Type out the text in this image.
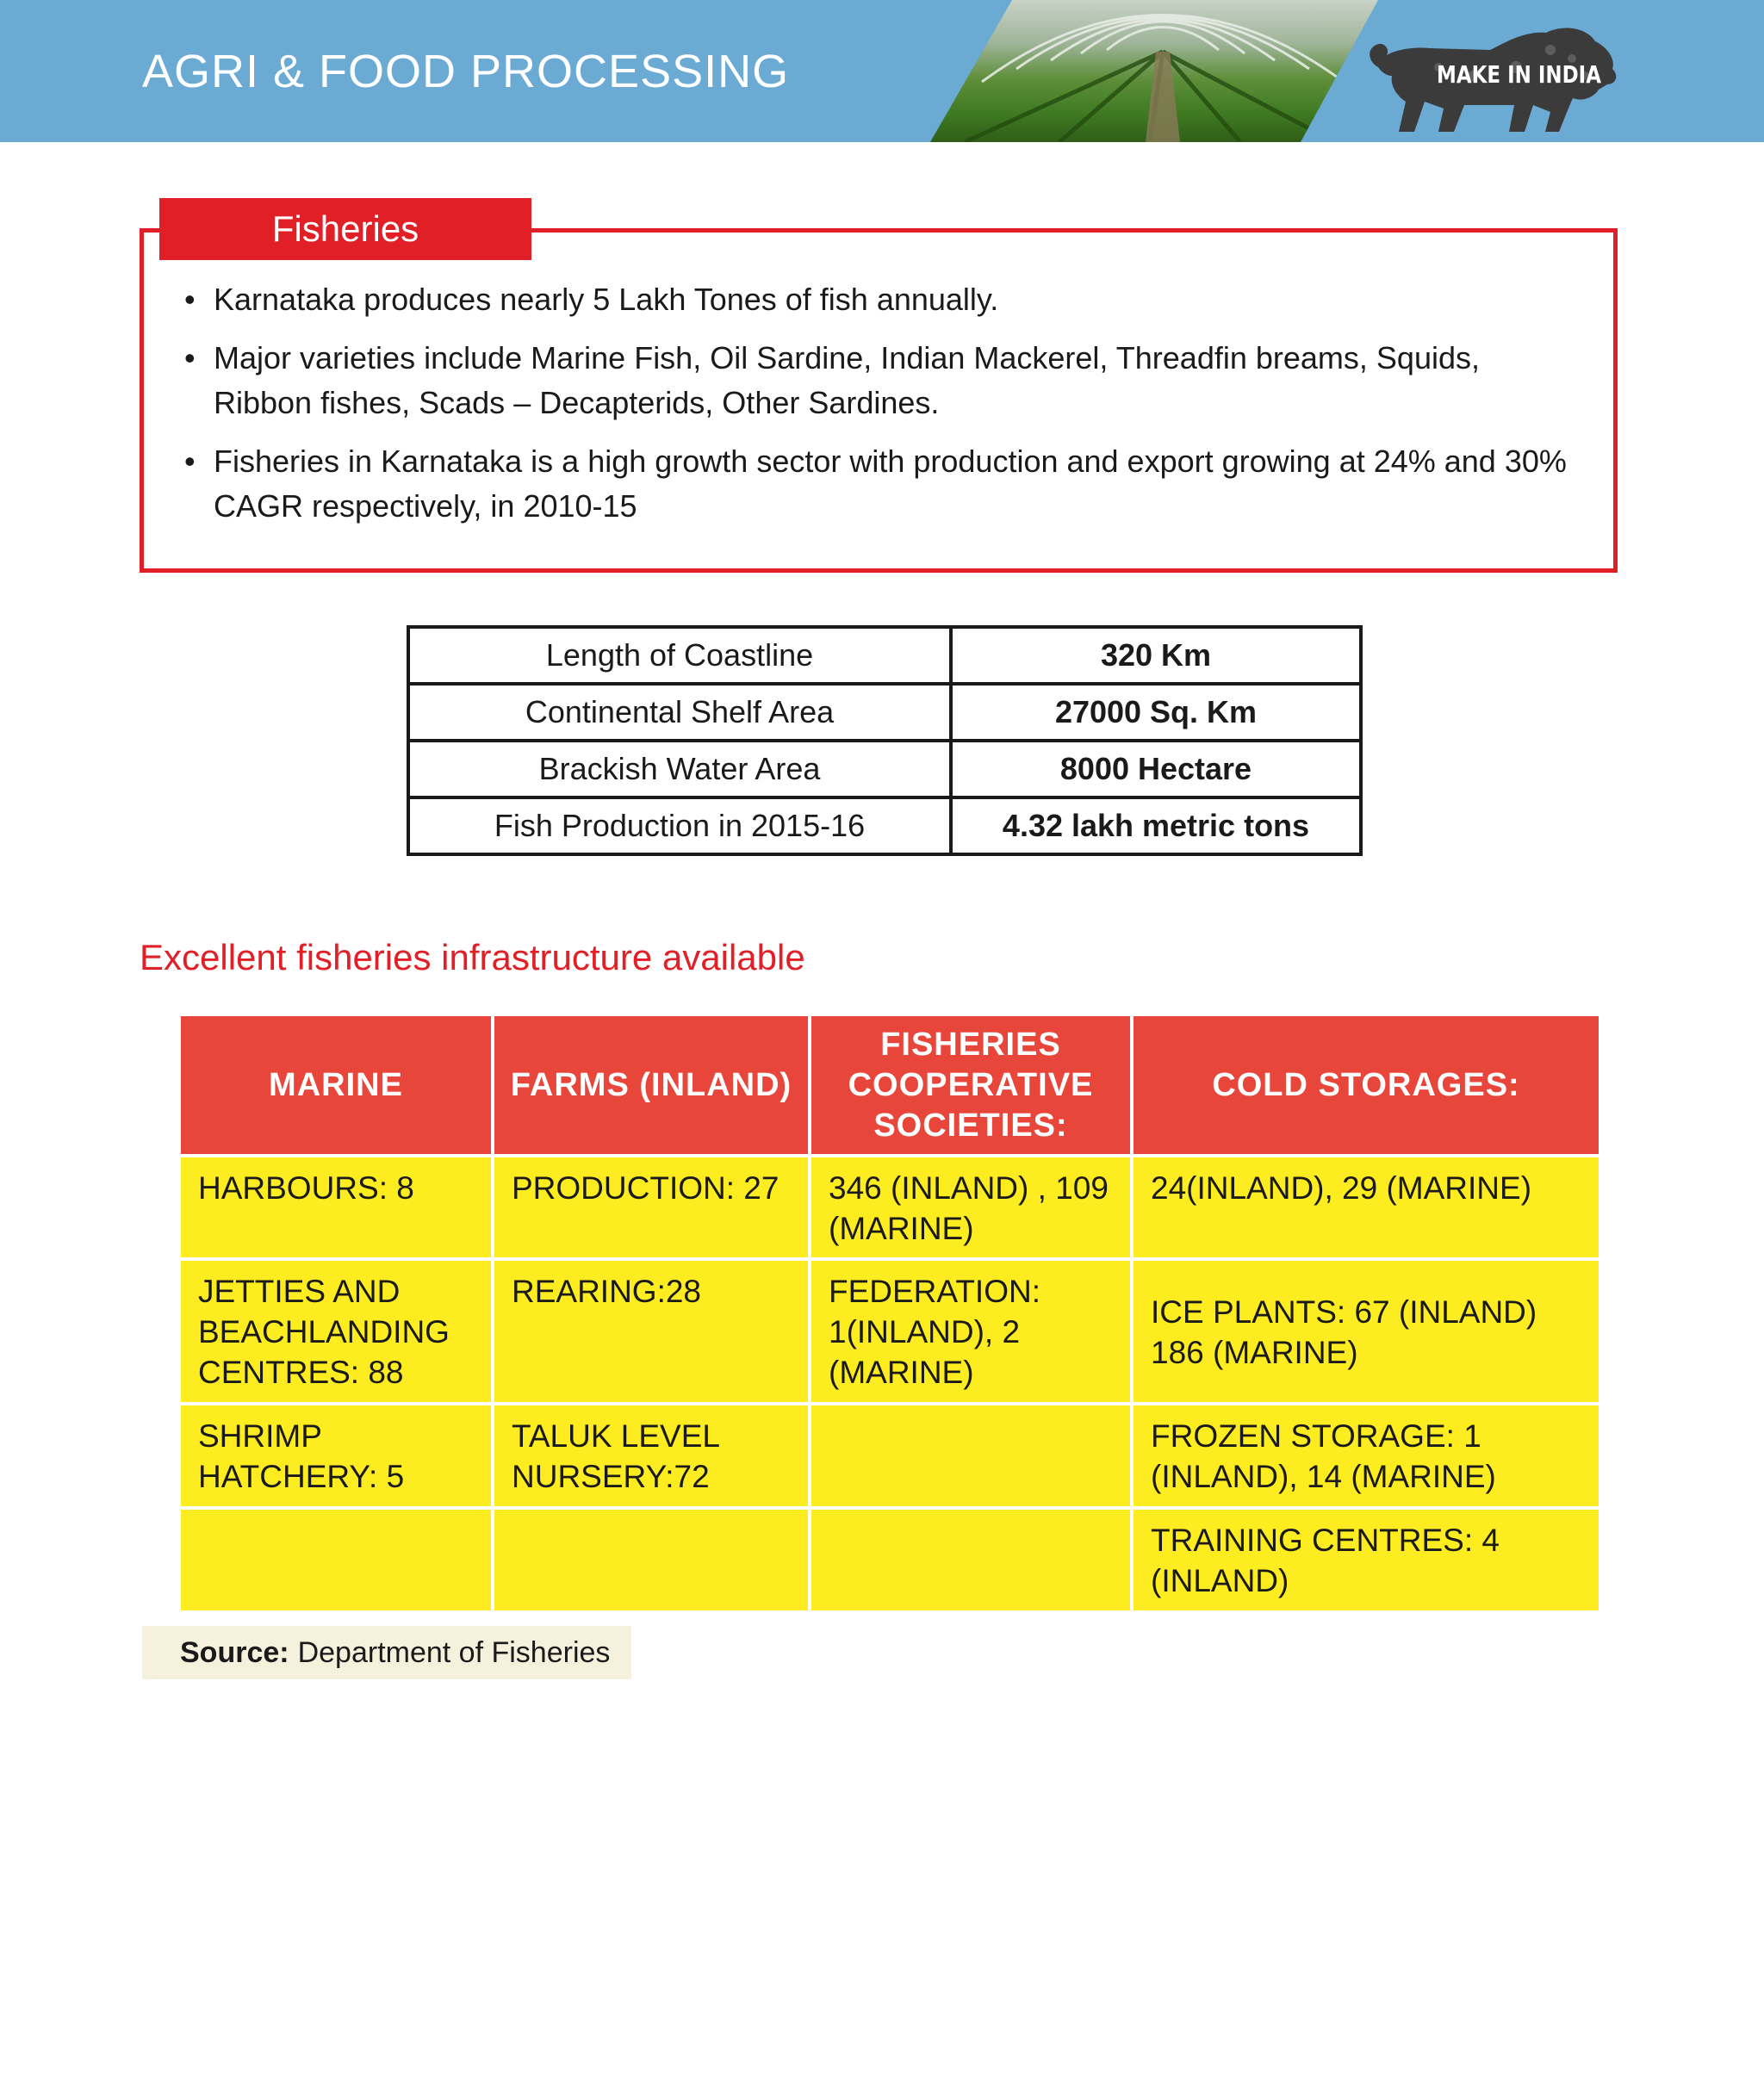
AGRI & FOOD PROCESSING	MAKE IN INDIA
Fisheries
• Karnataka produces nearly 5 Lakh Tones of fish annually.
• Major varieties include Marine Fish, Oil Sardine, Indian Mackerel, Threadfin breams, Squids, Ribbon fishes, Scads – Decapterids, Other Sardines.
• Fisheries in Karnataka is a high growth sector with production and export growing at 24% and 30% CAGR respectively, in 2010-15
Length of Coastline	320 Km
Continental Shelf Area	27000 Sq. Km
Brackish Water Area	8000 Hectare
Fish Production in 2015-16	4.32 lakh metric tons
Excellent fisheries infrastructure available
MARINE	FARMS (INLAND)	FISHERIES COOPERATIVE SOCIETIES:	COLD STORAGES:
HARBOURS: 8	PRODUCTION: 27	346 (INLAND) , 109 (MARINE)	24(INLAND), 29 (MARINE)
JETTIES AND BEACHLANDING CENTRES: 88	REARING:28	FEDERATION: 1(INLAND), 2 (MARINE)	ICE PLANTS: 67 (INLAND) 186 (MARINE)
SHRIMP HATCHERY: 5	TALUK LEVEL NURSERY:72		FROZEN STORAGE: 1 (INLAND), 14 (MARINE)
			TRAINING CENTRES: 4 (INLAND)
Source: Department of Fisheries
